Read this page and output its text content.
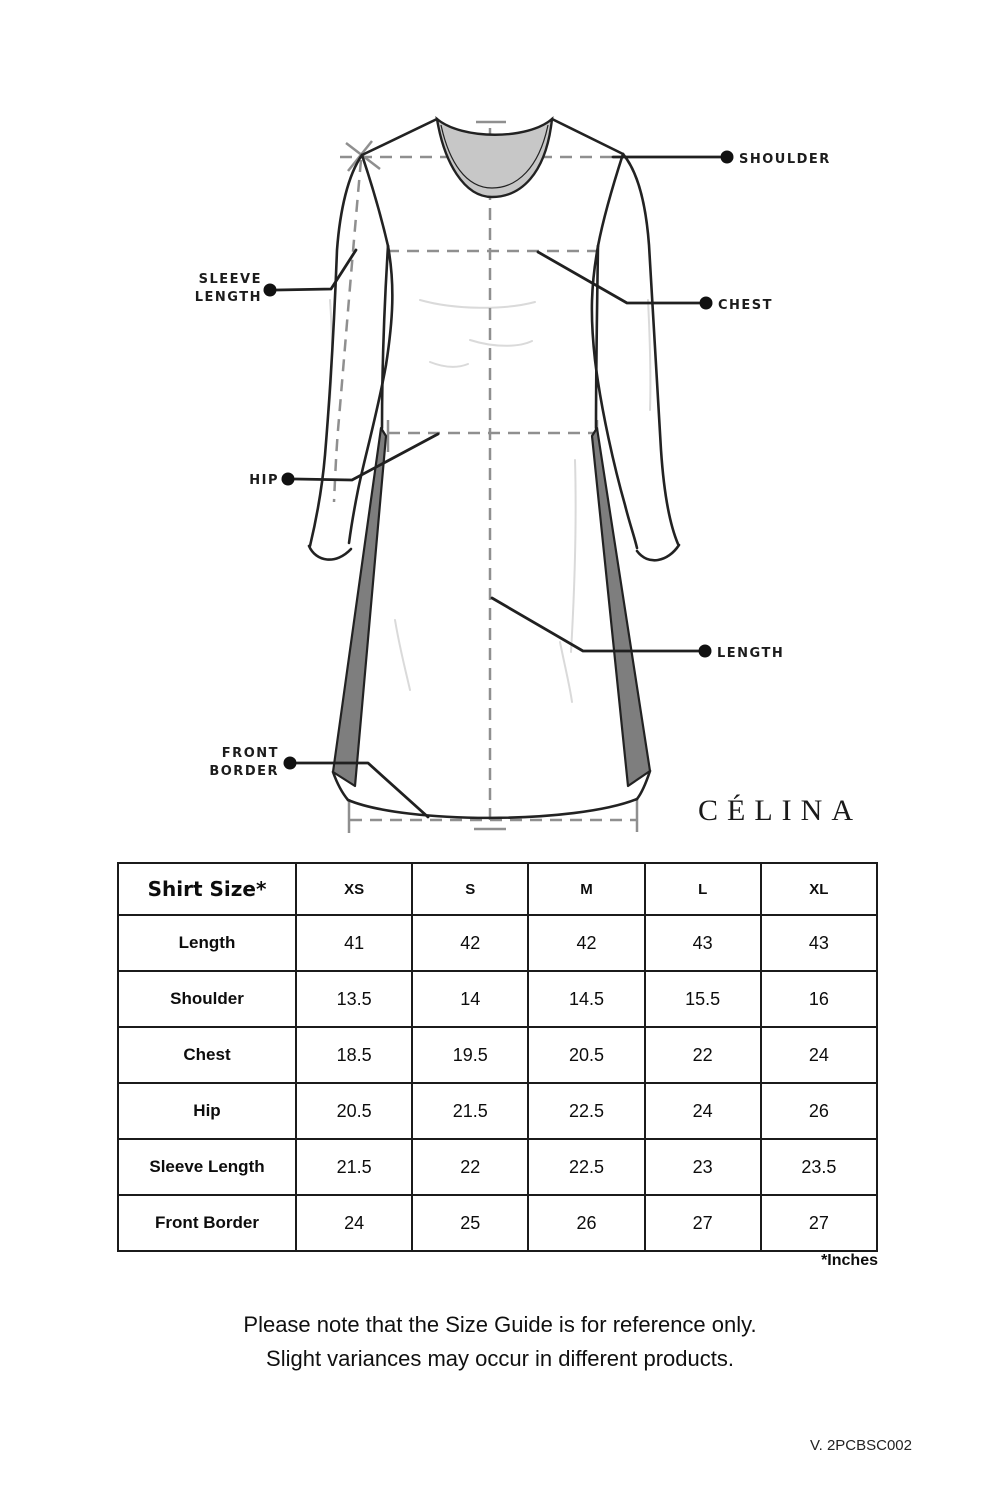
SHOULDER
CHEST
SLEEVE
LENGTH
HIP
LENGTH
FRONT
BORDER
CÉLINA
Shirt Size*	XS	S	M	L	XL
Length	41	42	42	43	43
Shoulder	13.5	14	14.5	15.5	16
Chest	18.5	19.5	20.5	22	24
Hip	20.5	21.5	22.5	24	26
Sleeve Length	21.5	22	22.5	23	23.5
Front Border	24	25	26	27	27
*Inches
Please note that the Size Guide is for reference only.
Slight variances may occur in different products.
V. 2PCBSC002
